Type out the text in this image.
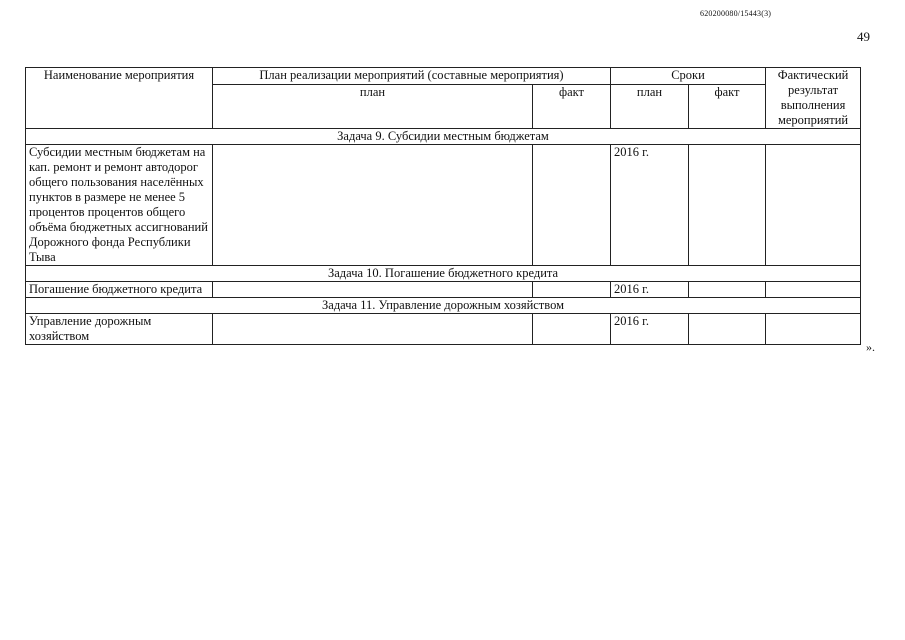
620200080/15443(3)
49
Наименование мероприятия	План реализации мероприятий (составные мероприятия)		Сроки		Фактический результат выполнения мероприятий
	план	факт	план	факт	
Задача 9. Субсидии местным бюджетам					
Субсидии местным бюджетам на кап. ремонт и ремонт автодорог общего пользования населённых пунктов в размере не менее 5 процентов процентов общего объёма бюджетных ассигнований Дорожного фонда Республики Тыва			2016 г.		
Задача 10. Погашение бюджетного кредита					
Погашение бюджетного кредита			2016 г.		
Задача 11. Управление дорожным хозяйством					
Управление дорожным хозяйством			2016 г.		
».
